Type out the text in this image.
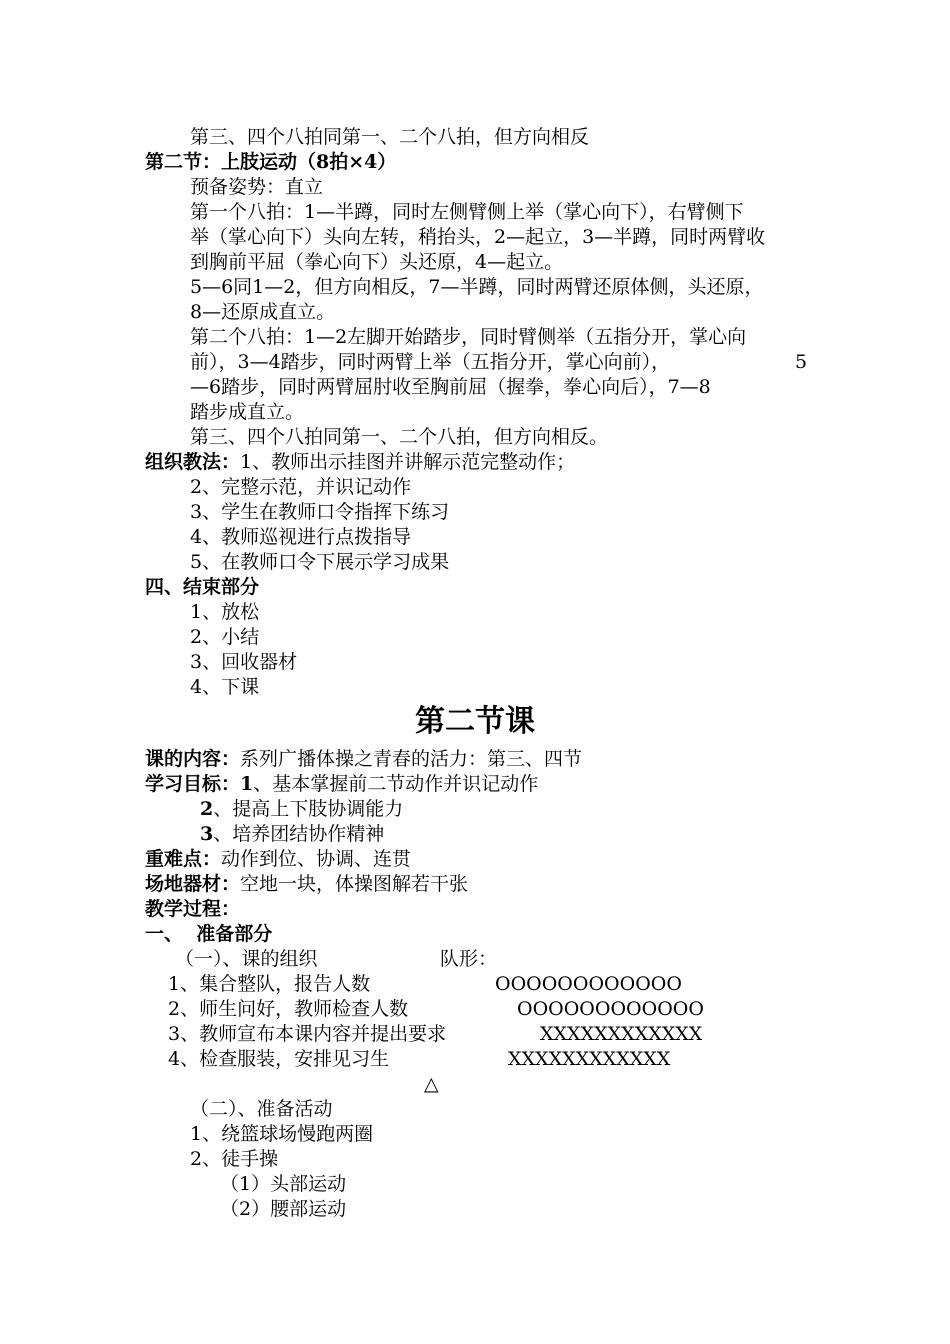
第三、四个八拍同第一、二个八拍，但方向相反
第二节：上肢运动（8拍×4）
预备姿势：直立
第一个八拍：1—半蹲，同时左侧臂侧上举（掌心向下），右臂侧下
举（掌心向下）头向左转，稍抬头，2—起立，3—半蹲，同时两臂收
到胸前平屈（拳心向下）头还原，4—起立。
5—6同1—2，但方向相反，7—半蹲，同时两臂还原体侧，头还原，
8—还原成直立。
第二个八拍：1—2左脚开始踏步，同时臂侧举（五指分开，掌心向
前），3—4踏步，同时两臂上举（五指分开，掌心向前），	5
—6踏步，同时两臂屈肘收至胸前屈（握拳，拳心向后），7—8
踏步成直立。
第三、四个八拍同第一、二个八拍，但方向相反。
组织教法：1、教师出示挂图并讲解示范完整动作；
2、完整示范，并识记动作
3、学生在教师口令指挥下练习
4、教师巡视进行点拨指导
5、在教师口令下展示学习成果
四、结束部分
1、放松
2、小结
3、回收器材
4、下课
第二节课
课的内容：系列广播体操之青春的活力：第三、四节
学习目标：1、基本掌握前二节动作并识记动作
2、提高上下肢协调能力
3、培养团结协作精神
重难点：动作到位、协调、连贯
场地器材：空地一块，体操图解若干张
教学过程：
一、  准备部分
（一）、课的组织	队形：
1、集合整队，报告人数	OOOOOOOOOOOO
2、师生问好，教师检查人数	OOOOOOOOOOOO
3、教师宣布本课内容并提出要求	XXXXXXXXXXXX
4、检查服装，安排见习生	XXXXXXXXXXXX
△
（二）、准备活动
1、绕篮球场慢跑两圈
2、徒手操
（1）头部运动
（2）腰部运动
